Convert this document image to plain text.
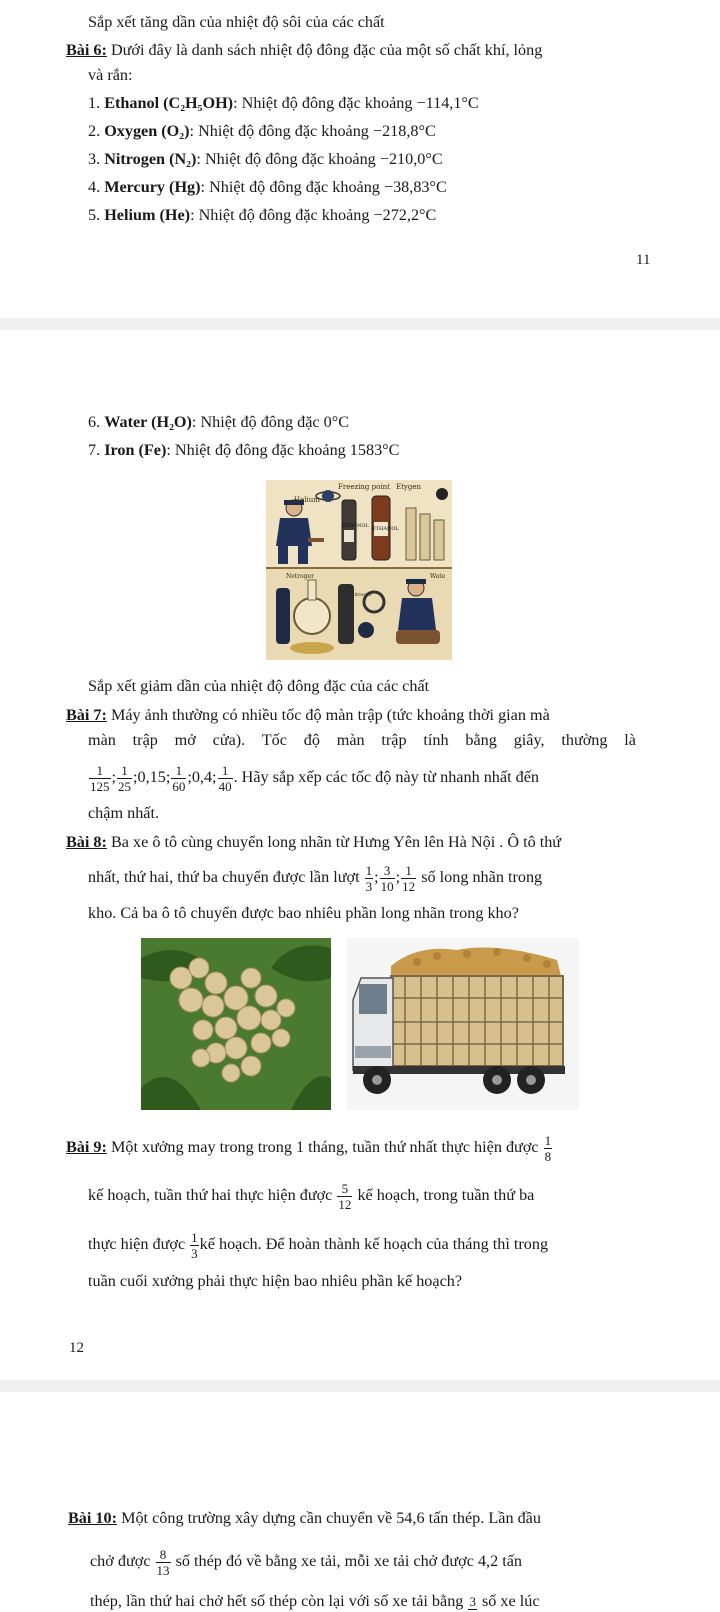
Sắp xết tăng dần của nhiệt độ sôi của các chất
Bài 6: Dưới đây là danh sách nhiệt độ đông đặc của một số chất khí, lỏng
và rắn:
1. Ethanol (C₂H₅OH): Nhiệt độ đông đặc khoảng −114,1°C
2. Oxygen (O₂): Nhiệt độ đông đặc khoảng −218,8°C
3. Nitrogen (N₂): Nhiệt độ đông đặc khoảng −210,0°C
4. Mercury (Hg): Nhiệt độ đông đặc khoảng −38,83°C
5. Helium (He): Nhiệt độ đông đặc khoảng −272,2°C
11
6. Water (H₂O): Nhiệt độ đông đặc 0°C
7. Iron (Fe): Nhiệt độ đông đặc khoảng 1583°C
Freezing point Etygen
Helium
ETHANOL ETHANOL
Netroger
Nitroger
Wate
Sắp xết giảm dần của nhiệt độ đông đặc của các chất
Bài 7: Máy ảnh thường có nhiều tốc độ màn trập (tức khoảng thời gian mà
màn trập mở cửa). Tốc độ màn trập tính bằng giây, thường là
$\frac{1}{125}$ ; $\frac{1}{25}$ ;0,15; $\frac{1}{60}$ ;0,4; $\frac{1}{40}$ . Hãy sắp xếp các tốc độ này từ nhanh nhất đến
chậm nhất.
Bài 8: Ba xe ô tô cùng chuyển long nhãn từ Hưng Yên lên Hà Nội . Ô tô thứ
nhất, thứ hai, thứ ba chuyển được lần lượt $\frac{1}{3}$ ; $\frac{3}{10}$ ; $\frac{1}{12}$ số long nhãn trong
kho. Cả ba ô tô chuyển được bao nhiêu phần long nhãn trong kho?
Bài 9: Một xưởng may trong trong 1 tháng, tuần thứ nhất thực hiện được $\frac{1}{8}$
kế hoạch, tuần thứ hai thực hiện được $\frac{5}{12}$ kế hoạch, trong tuần thứ ba
thực hiện được $\frac{1}{3}$ kế hoạch. Để hoàn thành kế hoạch của tháng thì trong
tuần cuối xưởng phải thực hiện bao nhiêu phần kế hoạch?
12
Bài 10: Một công trường xây dựng cần chuyển về 54,6 tấn thép. Lần đầu
chở được $\frac{8}{13}$ số thép đó về bằng xe tải, mỗi xe tải chở được 4,2 tấn
thép, lần thứ hai chở hết số thép còn lại với số xe tải bằng 3 số xe lúc
